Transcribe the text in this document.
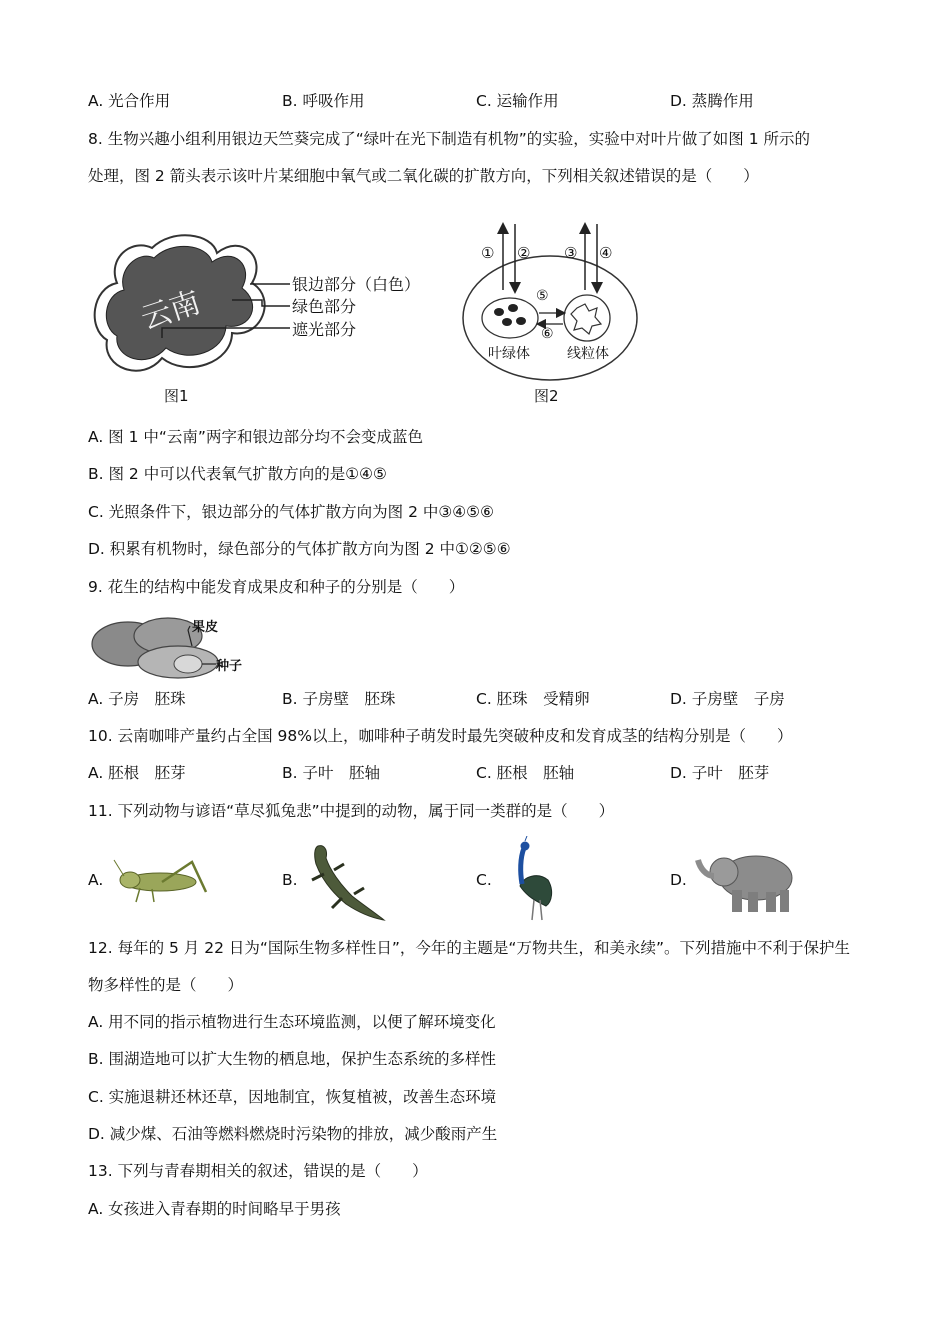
A. 光合作用	B. 呼吸作用	C. 运输作用	D. 蒸腾作用
8. 生物兴趣小组利用银边天竺葵完成了“绿叶在光下制造有机物”的实验，实验中对叶片做了如图 1 所示的
处理，图 2 箭头表示该叶片某细胞中氧气或二氧化碳的扩散方向，下列相关叙述错误的是（　　）
云南
银边部分（白色）
绿色部分
遮光部分
图1
① ② ③ ④
⑤
⑥
叶绿体	线粒体
图2
A. 图 1 中“云南”两字和银边部分均不会变成蓝色
B. 图 2 中可以代表氧气扩散方向的是①④⑤
C. 光照条件下，银边部分的气体扩散方向为图 2 中③④⑤⑥
D. 积累有机物时，绿色部分的气体扩散方向为图 2 中①②⑤⑥
9. 花生的结构中能发育成果皮和种子的分别是（　　）
果皮
种子
A. 子房　胚珠	B. 子房壁　胚珠	C. 胚珠　受精卵	D. 子房壁　子房
10. 云南咖啡产量约占全国 98%以上，咖啡种子萌发时最先突破种皮和发育成茎的结构分别是（　　）
A. 胚根　胚芽	B. 子叶　胚轴	C. 胚根　胚轴	D. 子叶　胚芽
11. 下列动物与谚语“草尽狐兔悲”中提到的动物，属于同一类群的是（　　）
A.	B.	C.	D.
12. 每年的 5 月 22 日为“国际生物多样性日”，今年的主题是“万物共生，和美永续”。下列措施中不利于保护生
物多样性的是（　　）
A. 用不同的指示植物进行生态环境监测，以便了解环境变化
B. 围湖造地可以扩大生物的栖息地，保护生态系统的多样性
C. 实施退耕还林还草，因地制宜，恢复植被，改善生态环境
D. 减少煤、石油等燃料燃烧时污染物的排放，减少酸雨产生
13. 下列与青春期相关的叙述，错误的是（　　）
A. 女孩进入青春期的时间略早于男孩
